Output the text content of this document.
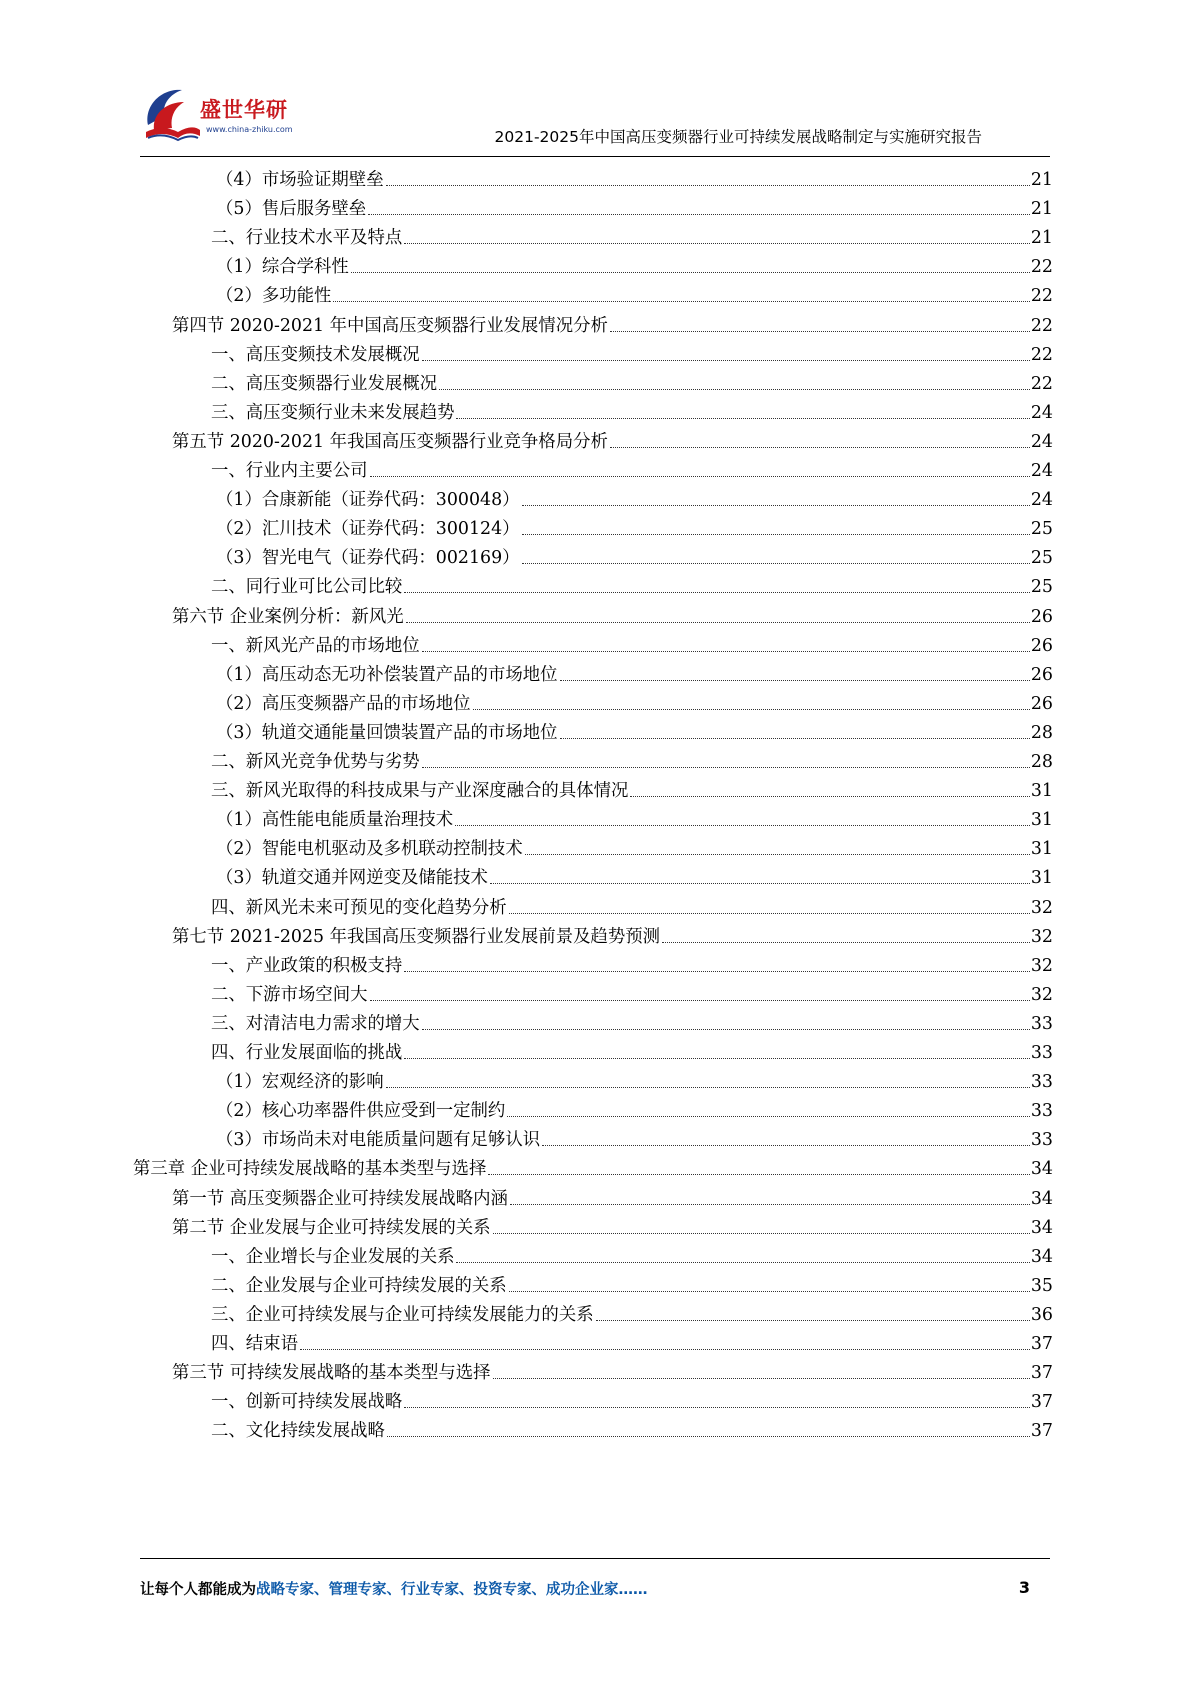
盛世华研
www.china-zhiku.com	2021-2025年中国高压变频器行业可持续发展战略制定与实施研究报告
（4）市场验证期壁垒	21
（5）售后服务壁垒	21
二、行业技术水平及特点	21
（1）综合学科性	22
（2）多功能性	22
第四节 2020-2021 年中国高压变频器行业发展情况分析	22
一、高压变频技术发展概况	22
二、高压变频器行业发展概况	22
三、高压变频行业未来发展趋势	24
第五节 2020-2021 年我国高压变频器行业竞争格局分析	24
一、行业内主要公司	24
（1）合康新能（证券代码：300048）	24
（2）汇川技术（证券代码：300124）	25
（3）智光电气（证券代码：002169）	25
二、同行业可比公司比较	25
第六节 企业案例分析：新风光	26
一、新风光产品的市场地位	26
（1）高压动态无功补偿装置产品的市场地位	26
（2）高压变频器产品的市场地位	26
（3）轨道交通能量回馈装置产品的市场地位	28
二、新风光竞争优势与劣势	28
三、新风光取得的科技成果与产业深度融合的具体情况	31
（1）高性能电能质量治理技术	31
（2）智能电机驱动及多机联动控制技术	31
（3）轨道交通并网逆变及储能技术	31
四、新风光未来可预见的变化趋势分析	32
第七节 2021-2025 年我国高压变频器行业发展前景及趋势预测	32
一、产业政策的积极支持	32
二、下游市场空间大	32
三、对清洁电力需求的增大	33
四、行业发展面临的挑战	33
（1）宏观经济的影响	33
（2）核心功率器件供应受到一定制约	33
（3）市场尚未对电能质量问题有足够认识	33
第三章 企业可持续发展战略的基本类型与选择	34
第一节 高压变频器企业可持续发展战略内涵	34
第二节 企业发展与企业可持续发展的关系	34
一、企业增长与企业发展的关系	34
二、企业发展与企业可持续发展的关系	35
三、企业可持续发展与企业可持续发展能力的关系	36
四、结束语	37
第三节 可持续发展战略的基本类型与选择	37
一、创新可持续发展战略	37
二、文化持续发展战略	37
让每个人都能成为战略专家、管理专家、行业专家、投资专家、成功企业家……	3
